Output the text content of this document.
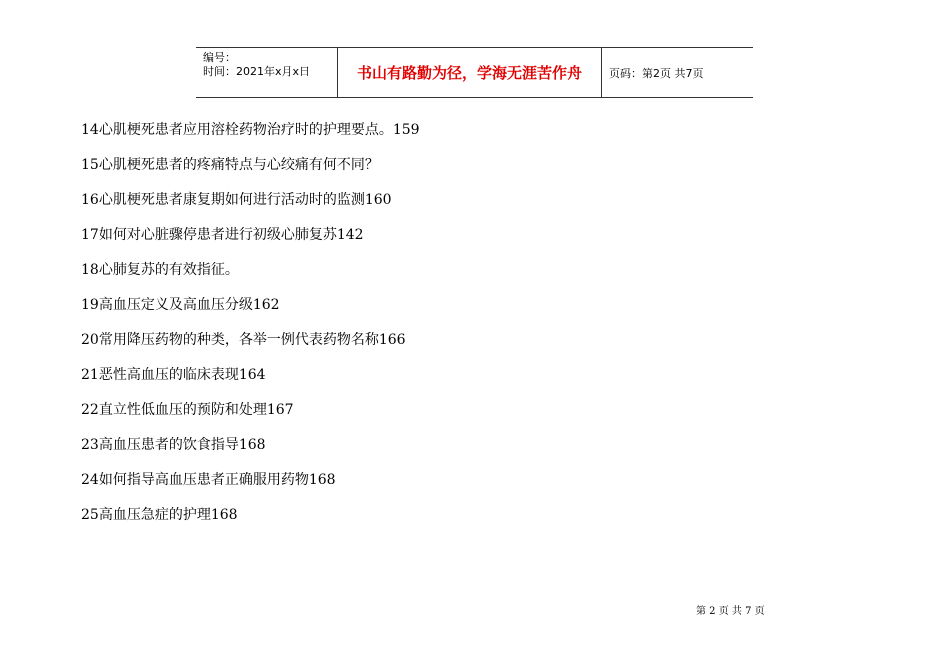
编号：
时间：2021年x月x日	书山有路勤为径，学海无涯苦作舟 页码：第2页 共7页
14心肌梗死患者应用溶栓药物治疗时的护理要点。159
15心肌梗死患者的疼痛特点与心绞痛有何不同？
16心肌梗死患者康复期如何进行活动时的监测160
17如何对心脏骤停患者进行初级心肺复苏142
18心肺复苏的有效指征。
19高血压定义及高血压分级162
20常用降压药物的种类，各举一例代表药物名称166
21恶性高血压的临床表现164
22直立性低血压的预防和处理167
23高血压患者的饮食指导168
24如何指导高血压患者正确服用药物168
25高血压急症的护理168
第 2 页 共 7 页
